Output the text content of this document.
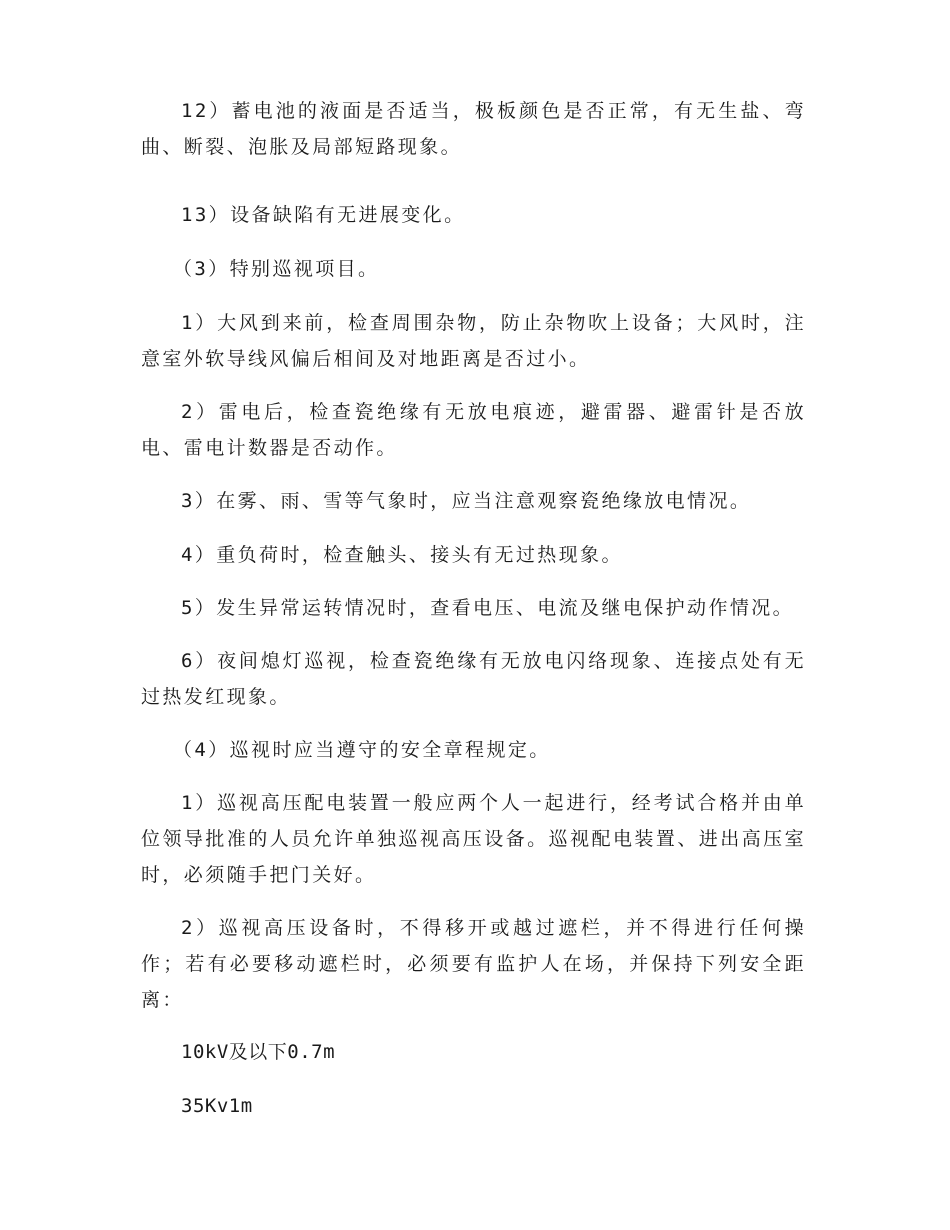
12）蓄电池的液面是否适当，极板颜色是否正常，有无生盐、弯曲、断裂、泡胀及局部短路现象。

13）设备缺陷有无进展变化。

（3）特别巡视项目。

1）大风到来前，检查周围杂物，防止杂物吹上设备；大风时，注意室外软导线风偏后相间及对地距离是否过小。

2）雷电后，检查瓷绝缘有无放电痕迹，避雷器、避雷针是否放电、雷电计数器是否动作。

3）在雾、雨、雪等气象时，应当注意观察瓷绝缘放电情况。

4）重负荷时，检查触头、接头有无过热现象。

5）发生异常运转情况时，查看电压、电流及继电保护动作情况。

6）夜间熄灯巡视，检查瓷绝缘有无放电闪络现象、连接点处有无过热发红现象。

（4）巡视时应当遵守的安全章程规定。

1）巡视高压配电装置一般应两个人一起进行，经考试合格并由单位领导批准的人员允许单独巡视高压设备。巡视配电装置、进出高压室时，必须随手把门关好。

2）巡视高压设备时，不得移开或越过遮栏，并不得进行任何操作；若有必要移动遮栏时，必须要有监护人在场，并保持下列安全距离：

10kV及以下0.7m

35Kv1m
